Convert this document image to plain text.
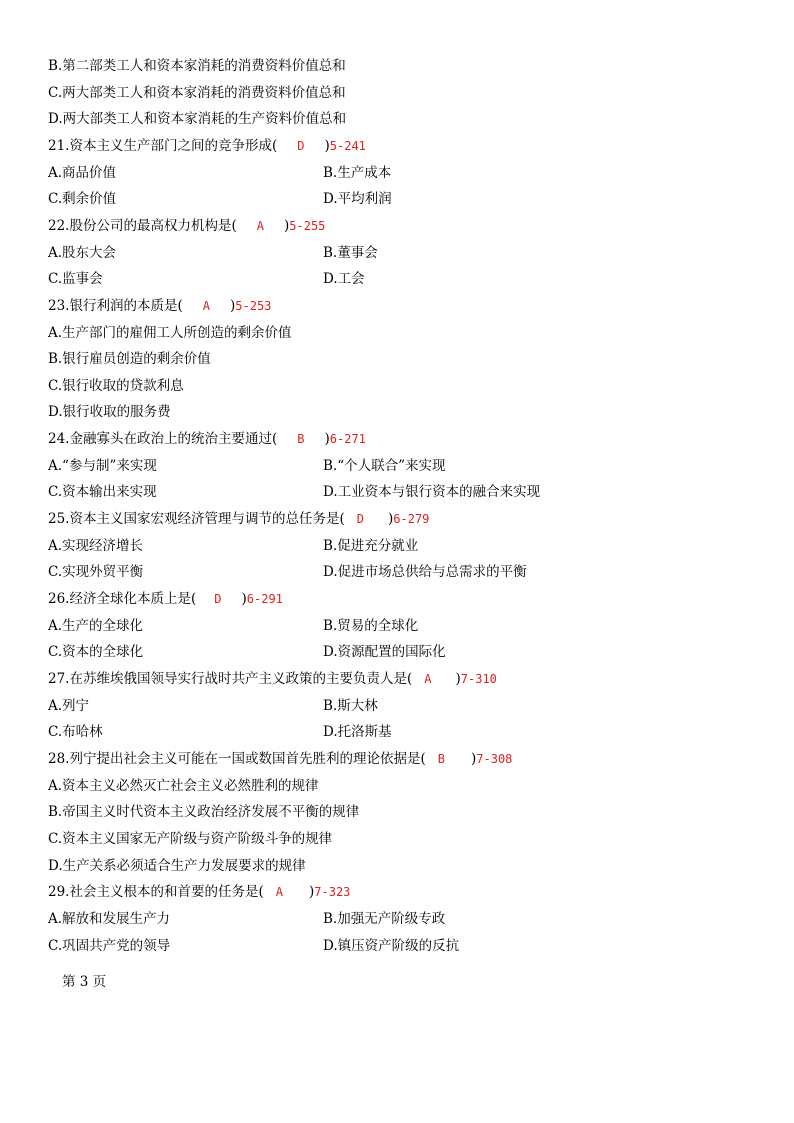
B.第二部类工人和资本家消耗的消费资料价值总和
C.两大部类工人和资本家消耗的消费资料价值总和
D.两大部类工人和资本家消耗的生产资料价值总和
21.资本主义生产部门之间的竞争形成( D )5-241
A.商品价值	B.生产成本
C.剩余价值	D.平均利润
22.股份公司的最高权力机构是( A )5-255
A.股东大会	B.董事会
C.监事会	D.工会
23.银行利润的本质是( A )5-253
A.生产部门的雇佣工人所创造的剩余价值
B.银行雇员创造的剩余价值
C.银行收取的贷款利息
D.银行收取的服务费
24.金融寡头在政治上的统治主要通过( B )6-271
A.“参与制”来实现	B.“个人联合”来实现
C.资本输出来实现	D.工业资本与银行资本的融合来实现
25.资本主义国家宏观经济管理与调节的总任务是( D )6-279
A.实现经济增长	B.促进充分就业
C.实现外贸平衡	D.促进市场总供给与总需求的平衡
26.经济全球化本质上是( D )6-291
A.生产的全球化	B.贸易的全球化
C.资本的全球化	D.资源配置的国际化
27.在苏维埃俄国领导实行战时共产主义政策的主要负责人是( A )7-310
A.列宁	B.斯大林
C.布哈林	D.托洛斯基
28.列宁提出社会主义可能在一国或数国首先胜利的理论依据是( B )7-308
A.资本主义必然灭亡社会主义必然胜利的规律
B.帝国主义时代资本主义政治经济发展不平衡的规律
C.资本主义国家无产阶级与资产阶级斗争的规律
D.生产关系必须适合生产力发展要求的规律
29.社会主义根本的和首要的任务是( A )7-323
A.解放和发展生产力	B.加强无产阶级专政
C.巩固共产党的领导	D.镇压资产阶级的反抗
第 3 页
